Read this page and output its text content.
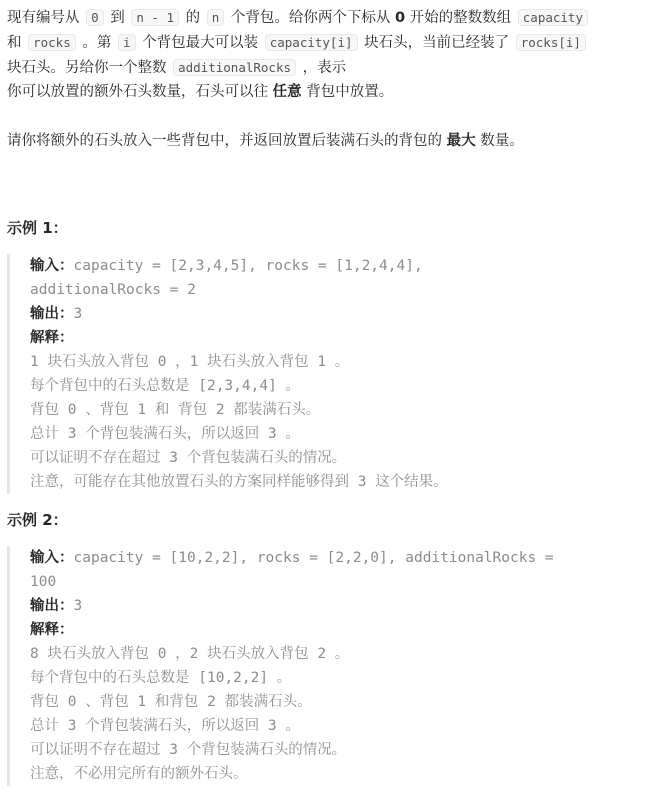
现有编号从 0 到 n - 1 的 n 个背包。给你两个下标从 0 开始的整数数组 capacity
和 rocks 。第 i 个背包最大可以装 capacity[i] 块石头，当前已经装了 rocks[i]
块石头。另给你一个整数 additionalRocks ，表示
你可以放置的额外石头数量，石头可以往 任意 背包中放置。

请你将额外的石头放入一些背包中，并返回放置后装满石头的背包的 最大 数量。

示例 1：

输入：capacity = [2,3,4,5], rocks = [1,2,4,4],
additionalRocks = 2
输出：3
解释：
1 块石头放入背包 0 ，1 块石头放入背包 1 。
每个背包中的石头总数是 [2,3,4,4] 。
背包 0 、背包 1 和 背包 2 都装满石头。
总计 3 个背包装满石头，所以返回 3 。
可以证明不存在超过 3 个背包装满石头的情况。
注意，可能存在其他放置石头的方案同样能够得到 3 这个结果。

示例 2：

输入：capacity = [10,2,2], rocks = [2,2,0], additionalRocks =
100
输出：3
解释：
8 块石头放入背包 0 ，2 块石头放入背包 2 。
每个背包中的石头总数是 [10,2,2] 。
背包 0 、背包 1 和背包 2 都装满石头。
总计 3 个背包装满石头，所以返回 3 。
可以证明不存在超过 3 个背包装满石头的情况。
注意，不必用完所有的额外石头。
